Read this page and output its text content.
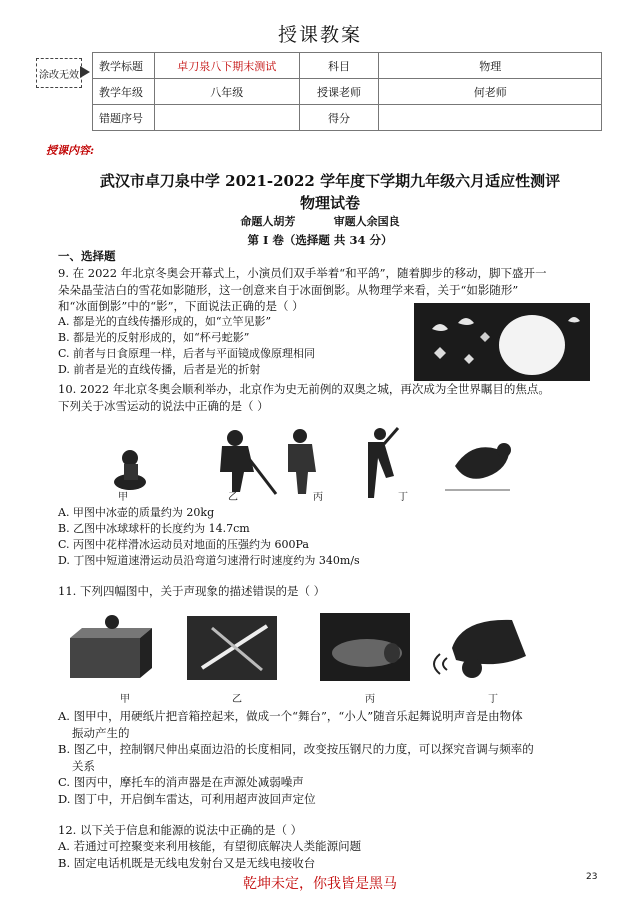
授课教案
涂改无效
教学标题	卓刀泉八下期末测试	科目	物理
教学年级	八年级	授课老师	何老师
错题序号		得分	
授课内容:
武汉市卓刀泉中学 2021-2022 学年度下学期九年级六月适应性测评
物理试卷
命题人胡芳          审题人余国良
第 I 卷（选择题 共 34 分）
一、选择题

9. 在 2022 年北京冬奥会开幕式上，小演员们双手举着“和平鸽”，随着脚步的移动，脚下盛开一

朵朵晶莹洁白的雪花如影随形，这一创意来自于冰面倒影。从物理学来看，关于“如影随形”

和“冰面倒影”中的“影”，下面说法正确的是（ ）

A. 都是光的直线传播形成的，如“立竿见影”
B. 都是光的反射形成的，如“杯弓蛇影”
C. 前者与日食原理一样，后者与平面镜成像原理相同
D. 前者是光的直线传播，后者是光的折射

10. 2022 年北京冬奥会顺利举办，北京作为史无前例的双奥之城，再次成为全世界瞩目的焦点。

下列关于冰雪运动的说法中正确的是（ ）

甲	乙	丙	丁
A. 甲图中冰壶的质量约为 20kg
B. 乙图中冰球球杆的长度约为 14.7cm
C. 丙图中花样滑冰运动员对地面的压强约为 600Pa
D. 丁图中短道速滑运动员沿弯道匀速滑行时速度约为 340m/s
11. 下列四幅图中，关于声现象的描述错误的是（ ）
甲	乙	丙	丁
A. 图甲中，用硬纸片把音箱控起来，做成一个“舞台”，“小人”随音乐起舞说明声音是由物体
振动产生的
B. 图乙中，控制钢尺伸出桌面边沿的长度相同，改变按压钢尺的力度，可以探究音调与频率的
关系
C. 图丙中，摩托车的消声器是在声源处减弱噪声
D. 图丁中，开启倒车雷达，可利用超声波回声定位
12. 以下关于信息和能源的说法中正确的是（ ）
A. 若通过可控聚变来利用核能，有望彻底解决人类能源问题
B. 固定电话机既是无线电发射台又是无线电接收台
乾坤未定，你我皆是黑马	23
